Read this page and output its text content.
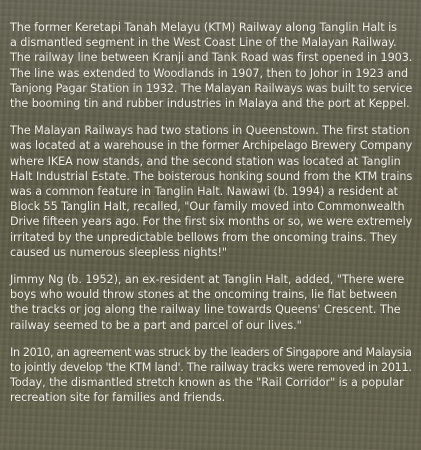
The former Keretapi Tanah Melayu (KTM) Railway along Tanglin Halt is
a dismantled segment in the West Coast Line of the Malayan Railway.
The railway line between Kranji and Tank Road was first opened in 1903.
The line was extended to Woodlands in 1907, then to Johor in 1923 and
Tanjong Pagar Station in 1932. The Malayan Railways was built to service
the booming tin and rubber industries in Malaya and the port at Keppel.

The Malayan Railways had two stations in Queenstown. The first station
was located at a warehouse in the former Archipelago Brewery Company
where IKEA now stands, and the second station was located at Tanglin
Halt Industrial Estate. The boisterous honking sound from the KTM trains
was a common feature in Tanglin Halt. Nawawi (b. 1994) a resident at
Block 55 Tanglin Halt, recalled, "Our family moved into Commonwealth
Drive fifteen years ago. For the first six months or so, we were extremely
irritated by the unpredictable bellows from the oncoming trains. They
caused us numerous sleepless nights!"

Jimmy Ng (b. 1952), an ex-resident at Tanglin Halt, added, "There were
boys who would throw stones at the oncoming trains, lie flat between
the tracks or jog along the railway line towards Queens' Crescent. The
railway seemed to be a part and parcel of our lives."

In 2010, an agreement was struck by the leaders of Singapore and Malaysia
to jointly develop 'the KTM land'. The railway tracks were removed in 2011.
Today, the dismantled stretch known as the "Rail Corridor" is a popular
recreation site for families and friends.
